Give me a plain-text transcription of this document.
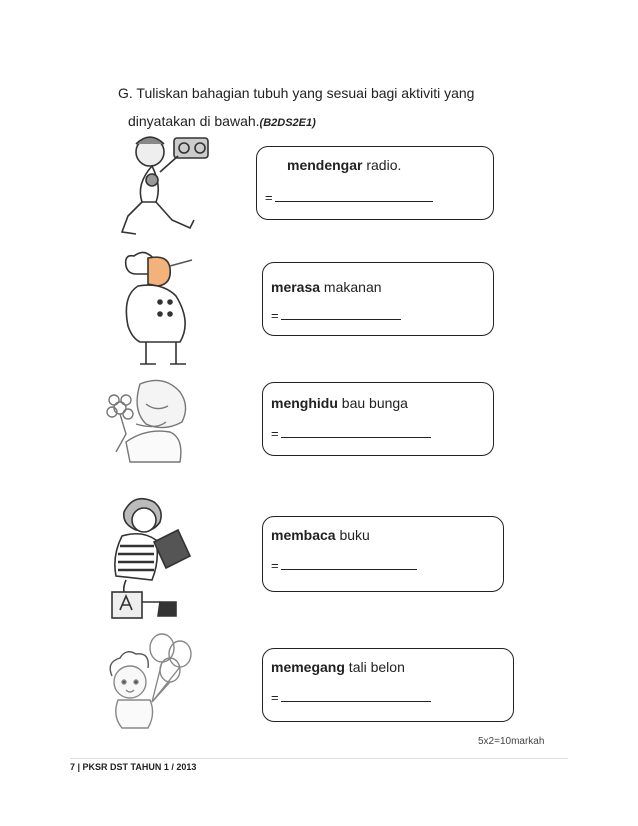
G. Tuliskan bahagian tubuh yang sesuai bagi aktiviti yang
dinyatakan di bawah.(B2DS2E1)
mendengar radio.
=
merasa makanan
=
menghidu bau bunga
=
membaca buku
=
memegang tali belon
=
5x2=10markah
7 | PKSR DST TAHUN 1 / 2013
